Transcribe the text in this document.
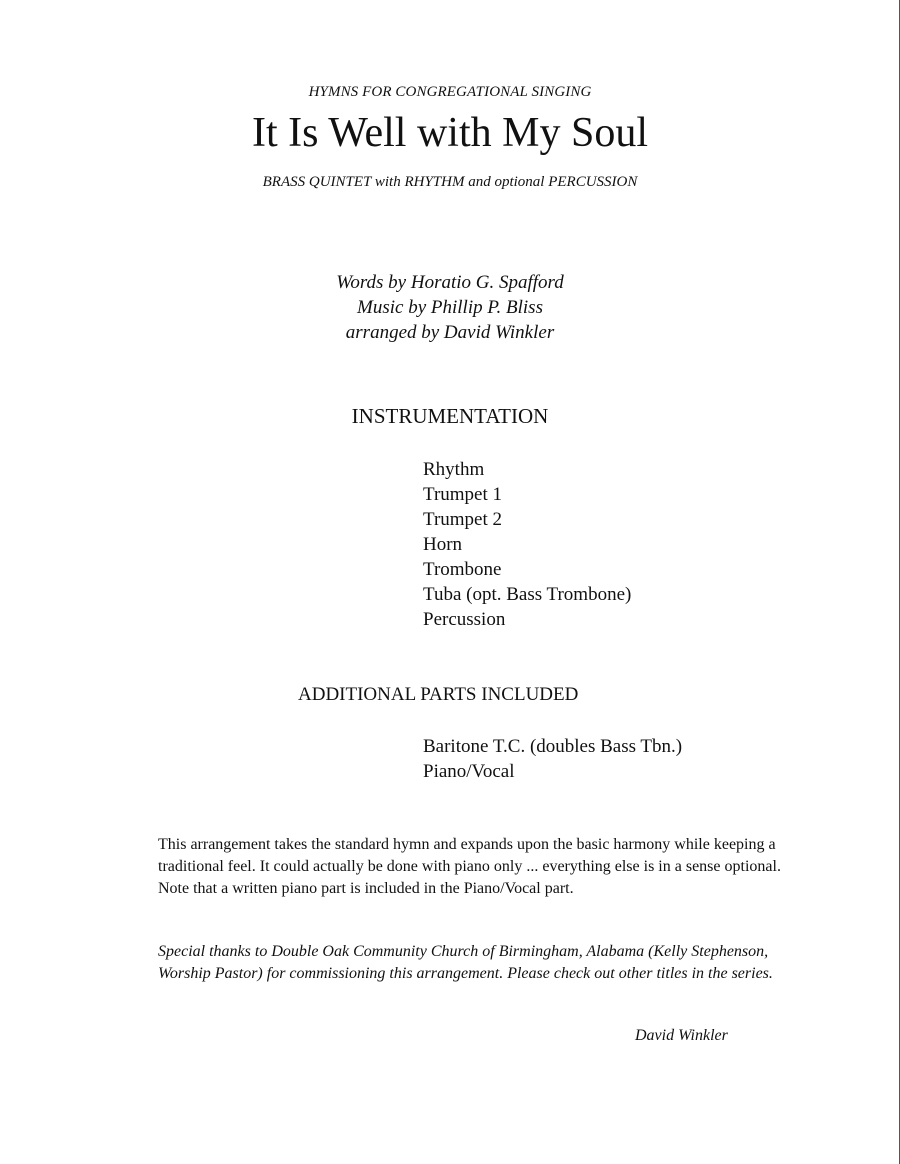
HYMNS FOR CONGREGATIONAL SINGING
It Is Well with My Soul
BRASS QUINTET with RHYTHM and optional PERCUSSION
Words by Horatio G. Spafford
Music by Phillip P. Bliss
arranged by David Winkler
INSTRUMENTATION
Rhythm
Trumpet 1
Trumpet 2
Horn
Trombone
Tuba (opt. Bass Trombone)
Percussion
ADDITIONAL PARTS INCLUDED
Baritone T.C. (doubles Bass Tbn.)
Piano/Vocal
This arrangement takes the standard hymn and expands upon the basic harmony while keeping a traditional feel. It could actually be done with piano only ... everything else is in a sense optional. Note that a written piano part is included in the Piano/Vocal part.
Special thanks to Double Oak Community Church of Birmingham, Alabama (Kelly Stephenson, Worship Pastor) for commissioning this arrangement. Please check out other titles in the series.
David Winkler
